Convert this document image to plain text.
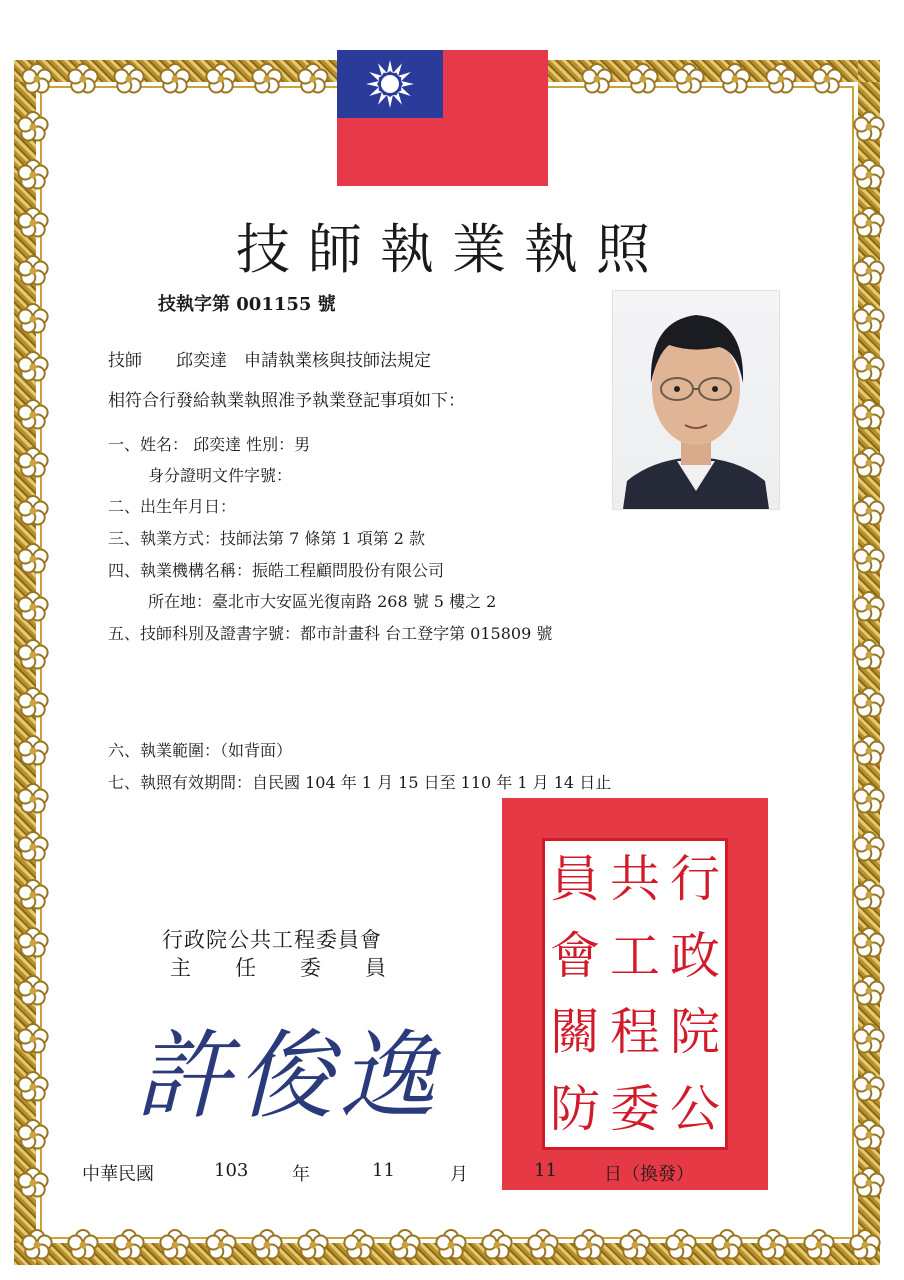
技師執業執照
技執字第 001155 號
技師　　邱奕達　申請執業核與技師法規定
相符合行發給執業執照准予執業登記事項如下：
一、姓名： 邱奕達 性別：男
身分證明文件字號：
二、出生年月日：
三、執業方式：技師法第 7 條第 1 項第 2 款
四、執業機構名稱：振皓工程顧問股份有限公司
所在地：臺北市大安區光復南路 268 號 5 樓之 2
五、技師科別及證書字號：都市計畫科 台工登字第 015809 號
六、執業範圍：（如背面）
七、執照有效期間：自民國 104 年 1 月 15 日至 110 年 1 月 14 日止
員 共 行
會 工 政
關 程 院
防 委 公
行政院公共工程委員會
主任委員
許俊逸
中華民國	103 年	11	月	11	日（換發）
